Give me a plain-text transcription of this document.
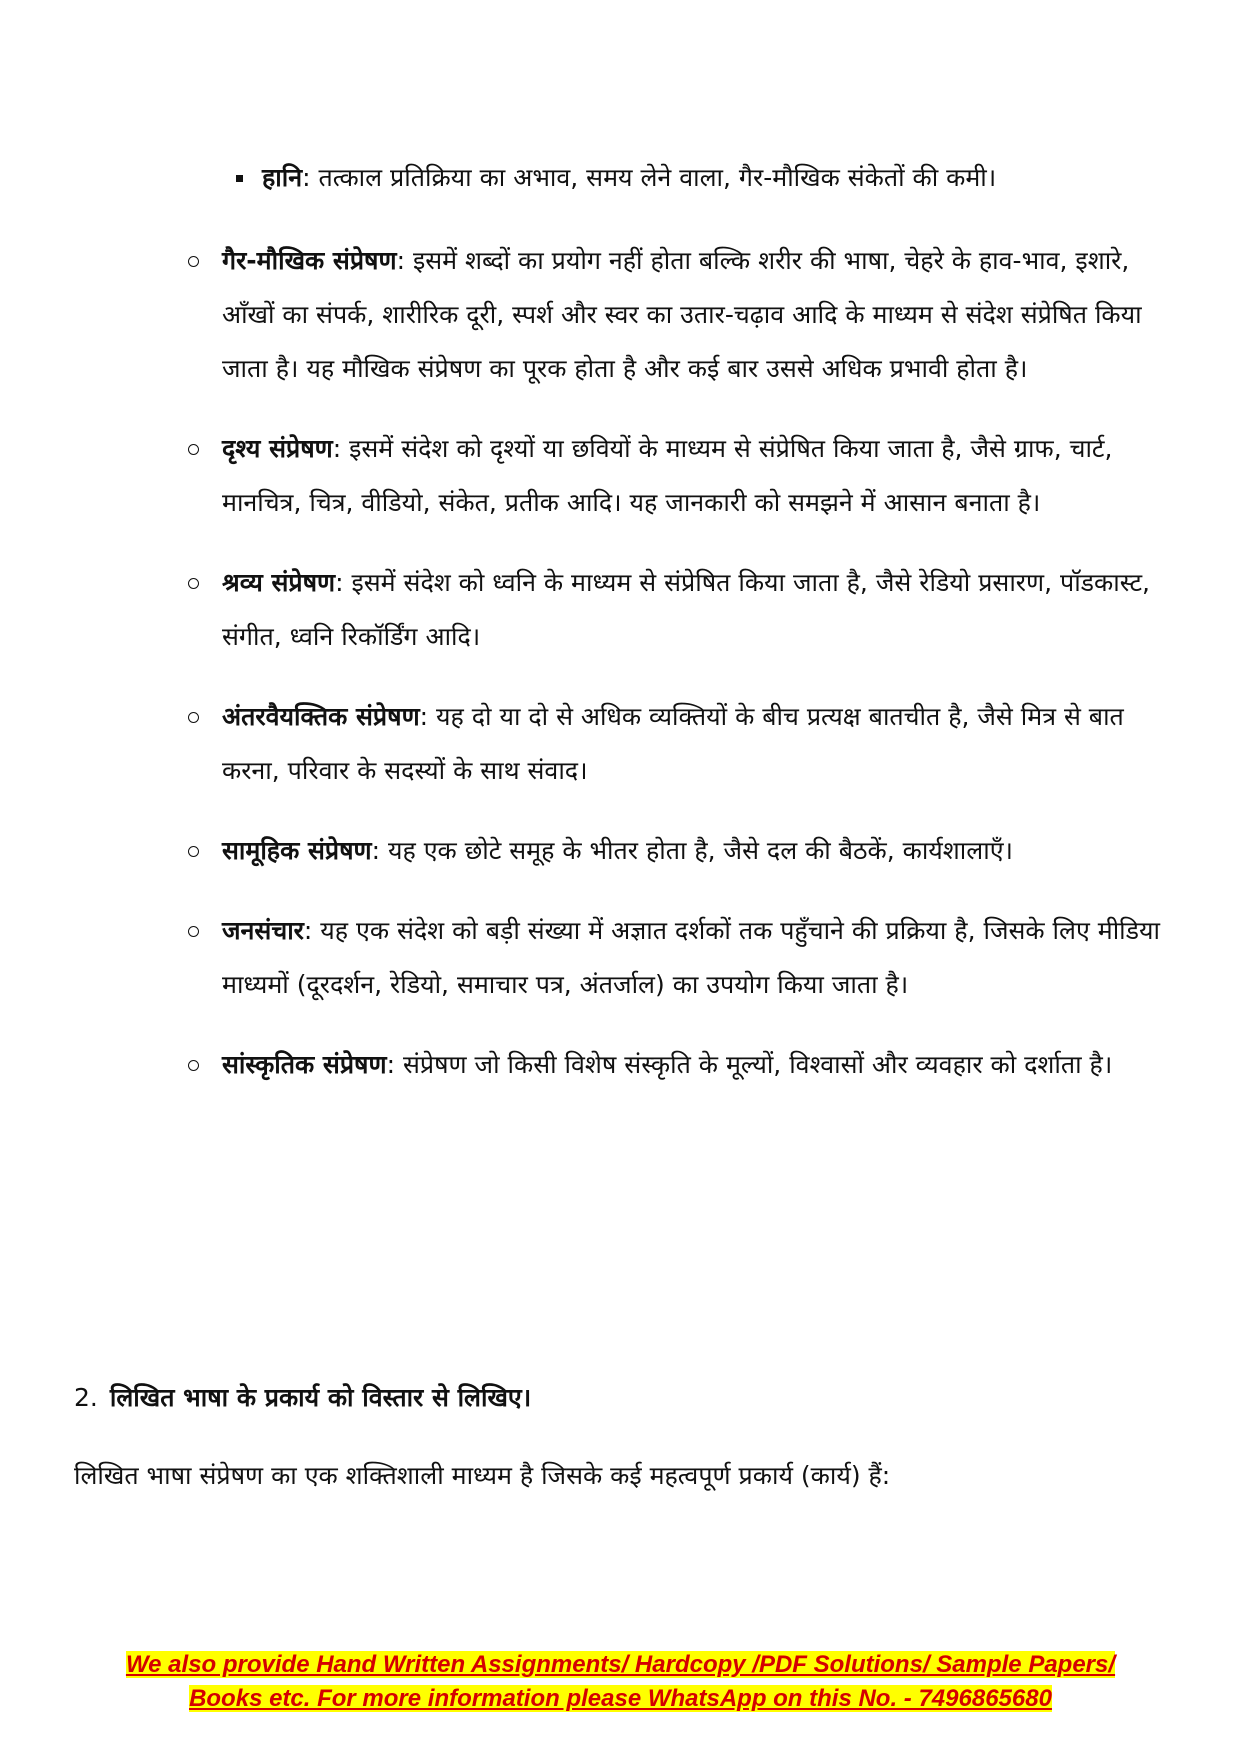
हानि: तत्काल प्रतिक्रिया का अभाव, समय लेने वाला, गैर-मौखिक संकेतों की कमी।
गैर-मौखिक संप्रेषण: इसमें शब्दों का प्रयोग नहीं होता बल्कि शरीर की भाषा, चेहरे के हाव-भाव, इशारे, आँखों का संपर्क, शारीरिक दूरी, स्पर्श और स्वर का उतार-चढ़ाव आदि के माध्यम से संदेश संप्रेषित किया जाता है। यह मौखिक संप्रेषण का पूरक होता है और कई बार उससे अधिक प्रभावी होता है।
दृश्य संप्रेषण: इसमें संदेश को दृश्यों या छवियों के माध्यम से संप्रेषित किया जाता है, जैसे ग्राफ, चार्ट, मानचित्र, चित्र, वीडियो, संकेत, प्रतीक आदि। यह जानकारी को समझने में आसान बनाता है।
श्रव्य संप्रेषण: इसमें संदेश को ध्वनि के माध्यम से संप्रेषित किया जाता है, जैसे रेडियो प्रसारण, पॉडकास्ट, संगीत, ध्वनि रिकॉर्डिंग आदि।
अंतरवैयक्तिक संप्रेषण: यह दो या दो से अधिक व्यक्तियों के बीच प्रत्यक्ष बातचीत है, जैसे मित्र से बात करना, परिवार के सदस्यों के साथ संवाद।
सामूहिक संप्रेषण: यह एक छोटे समूह के भीतर होता है, जैसे दल की बैठकें, कार्यशालाएँ।
जनसंचार: यह एक संदेश को बड़ी संख्या में अज्ञात दर्शकों तक पहुँचाने की प्रक्रिया है, जिसके लिए मीडिया माध्यमों (दूरदर्शन, रेडियो, समाचार पत्र, अंतर्जाल) का उपयोग किया जाता है।
सांस्कृतिक संप्रेषण: संप्रेषण जो किसी विशेष संस्कृति के मूल्यों, विश्वासों और व्यवहार को दर्शाता है।
2. लिखित भाषा के प्रकार्य को विस्तार से लिखिए।
लिखित भाषा संप्रेषण का एक शक्तिशाली माध्यम है जिसके कई महत्वपूर्ण प्रकार्य (कार्य) हैं:
We also provide Hand Written Assignments/ Hardcopy /PDF Solutions/ Sample Papers/
Books etc. For more information please WhatsApp on this No. - 7496865680
